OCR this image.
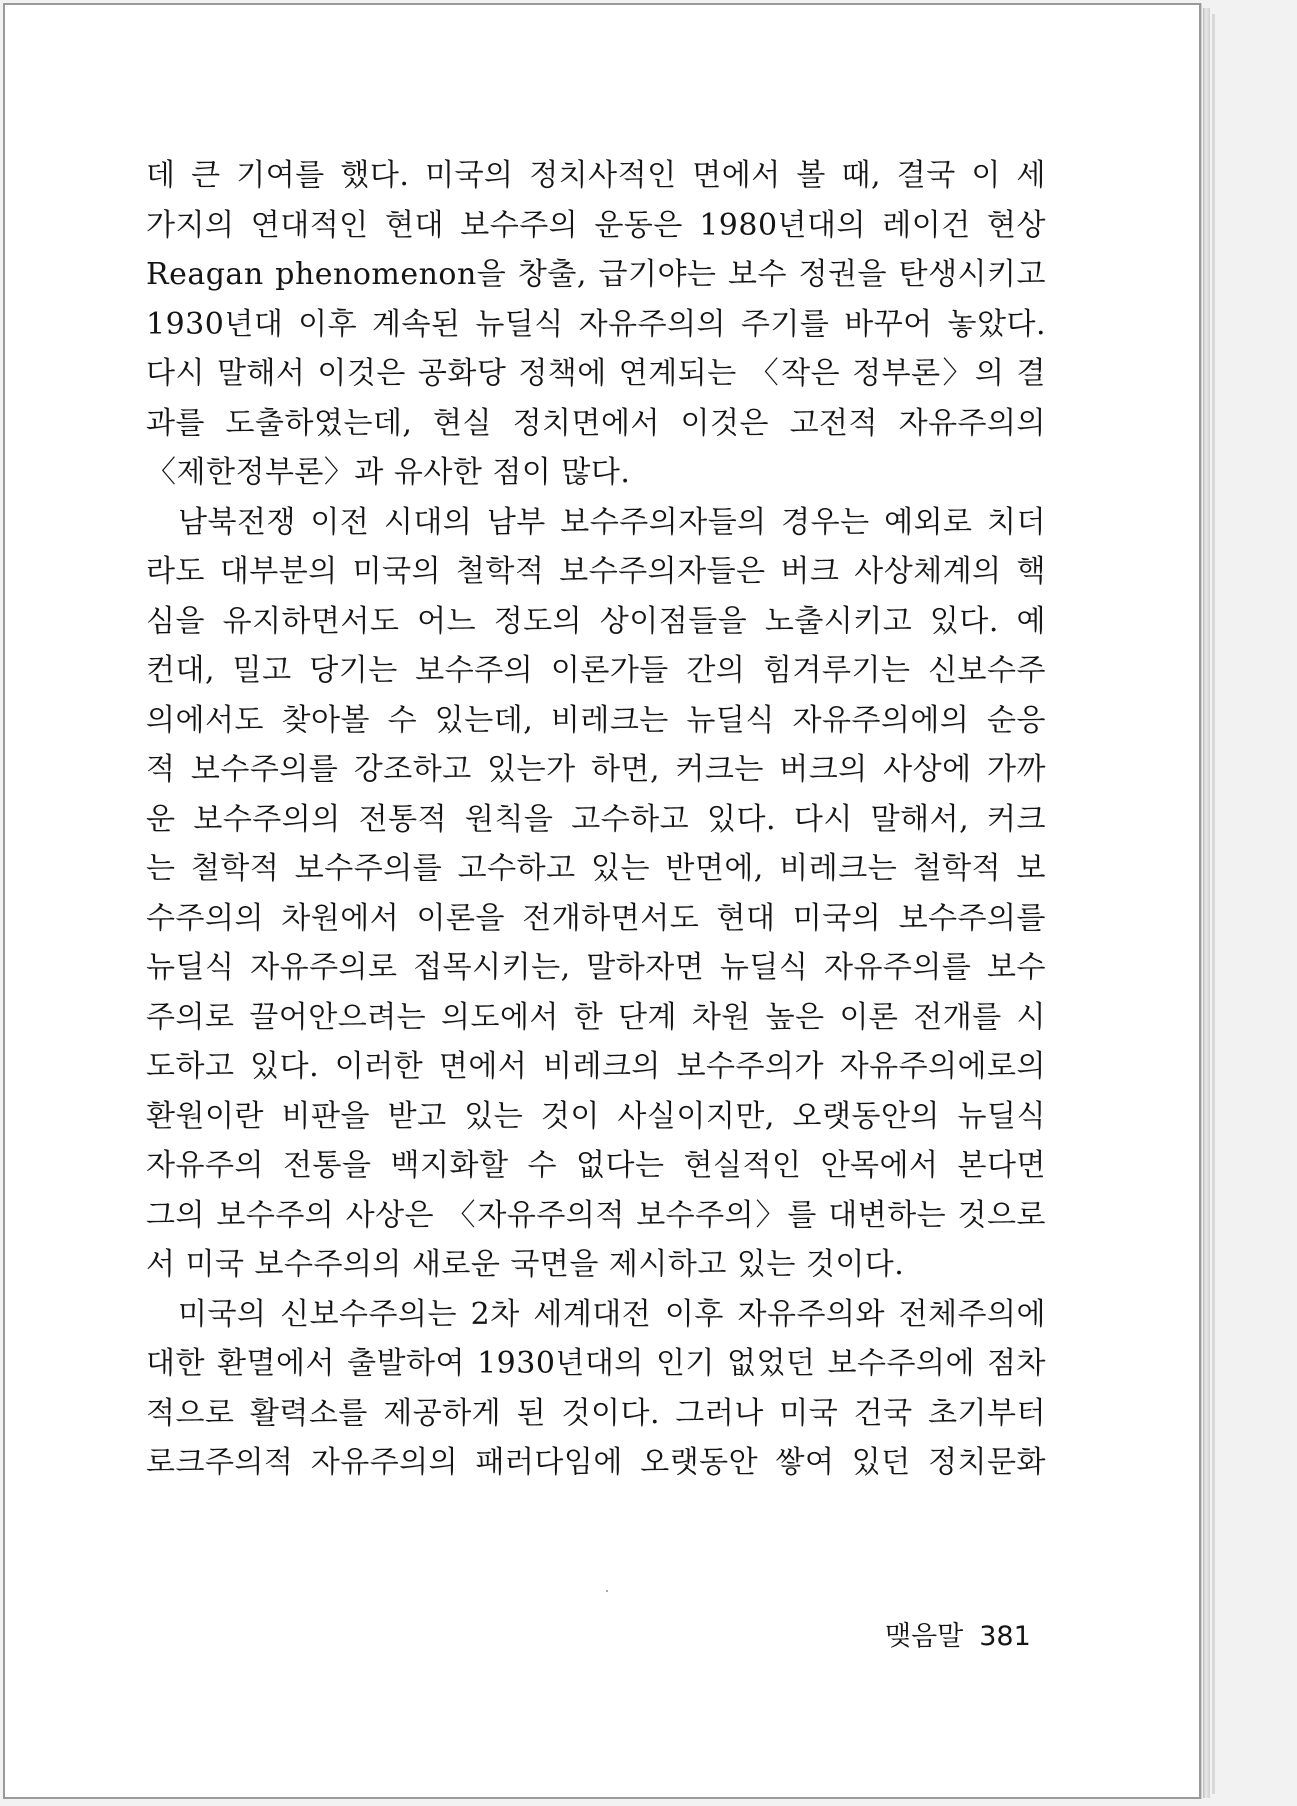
데 큰 기여를 했다. 미국의 정치사적인 면에서 볼 때, 결국 이 세
가지의 연대적인 현대 보수주의 운동은 1980년대의 레이건 현상
Reagan phenomenon을 창출, 급기야는 보수 정권을 탄생시키고
1930년대 이후 계속된 뉴딜식 자유주의의 주기를 바꾸어 놓았다.
다시 말해서 이것은 공화당 정책에 연계되는 〈작은 정부론〉의 결
과를 도출하였는데, 현실 정치면에서 이것은 고전적 자유주의의
〈제한정부론〉과 유사한 점이 많다.
남북전쟁 이전 시대의 남부 보수주의자들의 경우는 예외로 치더
라도 대부분의 미국의 철학적 보수주의자들은 버크 사상체계의 핵
심을 유지하면서도 어느 정도의 상이점들을 노출시키고 있다. 예
컨대, 밀고 당기는 보수주의 이론가들 간의 힘겨루기는 신보수주
의에서도 찾아볼 수 있는데, 비레크는 뉴딜식 자유주의에의 순응
적 보수주의를 강조하고 있는가 하면, 커크는 버크의 사상에 가까
운 보수주의의 전통적 원칙을 고수하고 있다. 다시 말해서, 커크
는 철학적 보수주의를 고수하고 있는 반면에, 비레크는 철학적 보
수주의의 차원에서 이론을 전개하면서도 현대 미국의 보수주의를
뉴딜식 자유주의로 접목시키는, 말하자면 뉴딜식 자유주의를 보수
주의로 끌어안으려는 의도에서 한 단계 차원 높은 이론 전개를 시
도하고 있다. 이러한 면에서 비레크의 보수주의가 자유주의에로의
환원이란 비판을 받고 있는 것이 사실이지만, 오랫동안의 뉴딜식
자유주의 전통을 백지화할 수 없다는 현실적인 안목에서 본다면
그의 보수주의 사상은 〈자유주의적 보수주의〉를 대변하는 것으로
서 미국 보수주의의 새로운 국면을 제시하고 있는 것이다.
미국의 신보수주의는 2차 세계대전 이후 자유주의와 전체주의에
대한 환멸에서 출발하여 1930년대의 인기 없었던 보수주의에 점차
적으로 활력소를 제공하게 된 것이다. 그러나 미국 건국 초기부터
로크주의적 자유주의의 패러다임에 오랫동안 쌓여 있던 정치문화
맺음말 381
